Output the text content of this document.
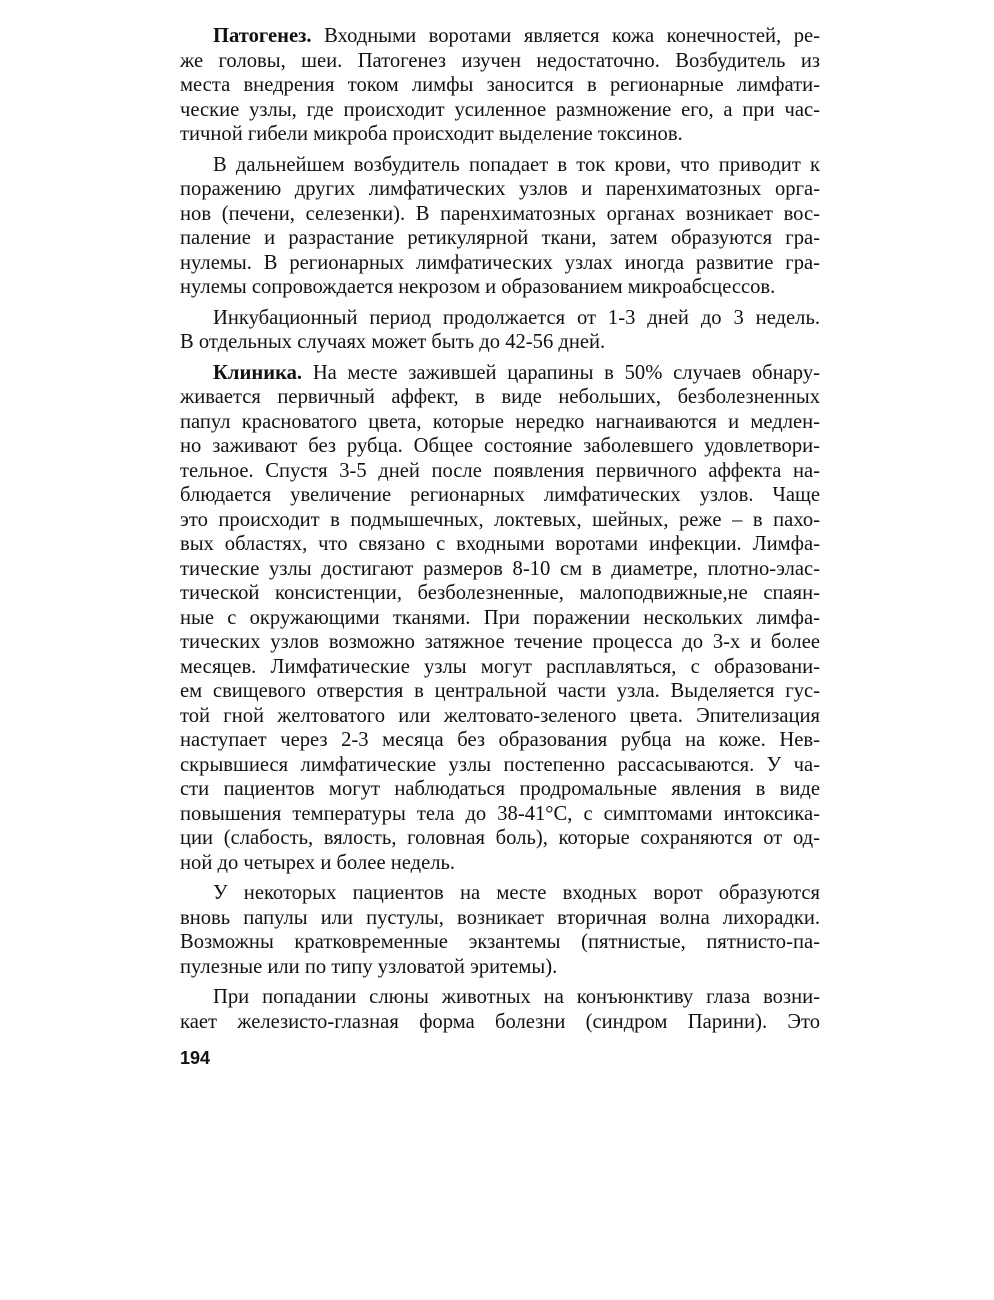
Патогенез. Входными воротами является кожа конечностей, ре-
же головы, шеи. Патогенез изучен недостаточно. Возбудитель из
места внедрения током лимфы заносится в регионарные лимфати-
ческие узлы, где происходит усиленное размножение его, а при час-
тичной гибели микроба происходит выделение токсинов.
В дальнейшем возбудитель попадает в ток крови, что приводит к
поражению других лимфатических узлов и паренхиматозных орга-
нов (печени, селезенки). В паренхиматозных органах возникает вос-
паление и разрастание ретикулярной ткани, затем образуются гра-
нулемы. В регионарных лимфатических узлах иногда развитие гра-
нулемы сопровождается некрозом и образованием микроабсцессов.
Инкубационный период продолжается от 1-3 дней до 3 недель.
В отдельных случаях может быть до 42-56 дней.
Клиника. На месте зажившей царапины в 50% случаев обнару-
живается первичный аффект, в виде небольших, безболезненных
папул красноватого цвета, которые нередко нагнаиваются и медлен-
но заживают без рубца. Общее состояние заболевшего удовлетвори-
тельное. Спустя 3-5 дней после появления первичного аффекта на-
блюдается увеличение регионарных лимфатических узлов. Чаще
это происходит в подмышечных, локтевых, шейных, реже – в пахо-
вых областях, что связано с входными воротами инфекции. Лимфа-
тические узлы достигают размеров 8-10 см в диаметре, плотно-элас-
тической консистенции, безболезненные, малоподвижные,не спаян-
ные с окружающими тканями. При поражении нескольких лимфа-
тических узлов возможно затяжное течение процесса до 3-х и более
месяцев. Лимфатические узлы могут расплавляться, с образовани-
ем свищевого отверстия в центральной части узла. Выделяется гус-
той гной желтоватого или желтовато-зеленого цвета. Эпителизация
наступает через 2-3 месяца без образования рубца на коже. Нев-
скрывшиеся лимфатические узлы постепенно рассасываются. У ча-
сти пациентов могут наблюдаться продромальные явления в виде
повышения температуры тела до 38-41°С, с симптомами интоксика-
ции (слабость, вялость, головная боль), которые сохраняются от од-
ной до четырех и более недель.
У некоторых пациентов на месте входных ворот образуются
вновь папулы или пустулы, возникает вторичная волна лихорадки.
Возможны кратковременные экзантемы (пятнистые, пятнисто-па-
пулезные или по типу узловатой эритемы).
При попадании слюны животных на конъюнктиву глаза возни-
кает железисто-глазная форма болезни (синдром Парини). Это
194
